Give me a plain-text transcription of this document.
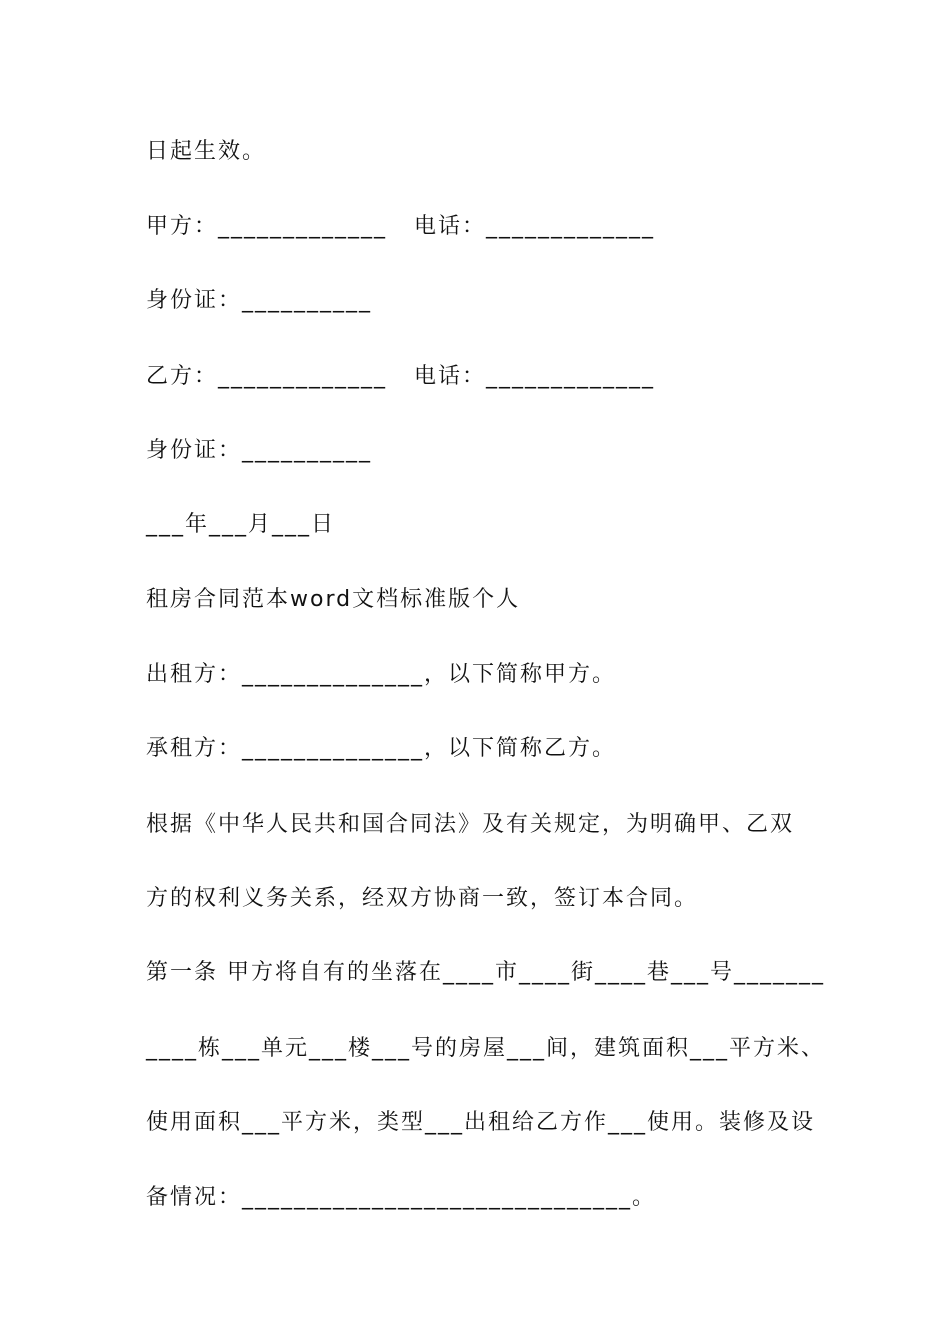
日起生效。
甲方：_____________   电话：_____________
身份证：__________
乙方：_____________   电话：_____________
身份证：__________
___年___月___日
租房合同范本word文档标准版个人
出租方：______________，以下简称甲方。
承租方：______________，以下简称乙方。
根据《中华人民共和国合同法》及有关规定，为明确甲、乙双
方的权利义务关系，经双方协商一致，签订本合同。
第一条 甲方将自有的坐落在____市____街____巷___号_______
____栋___单元___楼___号的房屋___间，建筑面积___平方米、
使用面积___平方米，类型___出租给乙方作___使用。装修及设
备情况：______________________________。
